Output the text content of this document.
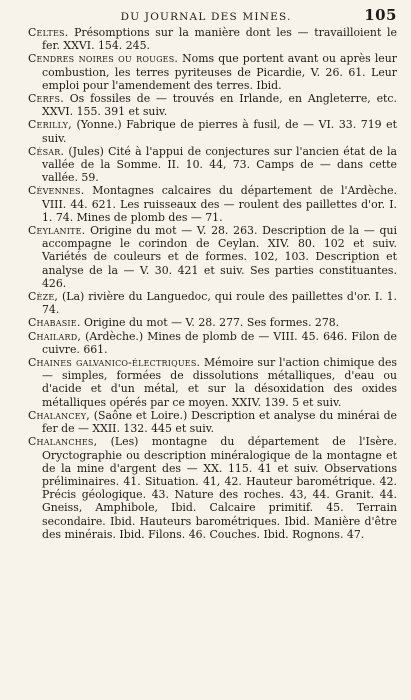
DU JOURNAL DES MINES.	105

Celtes. Présomptions sur la manière dont les — travailloient le fer. XXVI. 154. 245.

Cendres noires ou rouges. Noms que portent avant ou après leur combustion, les terres pyriteuses de Picardie, V. 26. 61. Leur emploi pour l'amendement des terres. Ibid.

Cerfs. Os fossiles de — trouvés en Irlande, en Angleterre, etc. XXVI. 155. 391 et suiv.

Cerilly, (Yonne.) Fabrique de pierres à fusil, de — VI. 33. 719 et suiv.

César. (Jules) Cité à l'appui de conjectures sur l'ancien état de la vallée de la Somme. II. 10. 44, 73. Camps de — dans cette vallée. 59.

Cévennes. Montagnes calcaires du département de l'Ardèche. VIII. 44. 621. Les ruisseaux des — roulent des paillettes d'or. I. 1. 74. Mines de plomb des — 71.

Ceylanite. Origine du mot — V. 28. 263. Description de la — qui accompagne le corindon de Ceylan. XIV. 80. 102 et suiv. Variétés de couleurs et de formes. 102, 103. Description et analyse de la — V. 30. 421 et suiv. Ses parties constituantes. 426.

Cèze, (La) rivière du Languedoc, qui roule des paillettes d'or. I. 1. 74.

Chabasie. Origine du mot — V. 28. 277. Ses formes. 278.

Chailard, (Ardèche.) Mines de plomb de — VIII. 45. 646. Filon de cuivre. 661.

Chaines galvanico-électriques. Mémoire sur l'action chimique des — simples, formées de dissolutions métalliques, d'eau ou d'acide et d'un métal, et sur la désoxidation des oxides métalliques opérés par ce moyen. XXIV. 139. 5 et suiv.

Chalancey, (Saône et Loire.) Description et analyse du minérai de fer de — XXII. 132. 445 et suiv.

Chalanches, (Les) montagne du département de l'Isère. Oryctographie ou description minéralogique de la montagne et de la mine d'argent des — XX. 115. 41 et suiv. Observations préliminaires. 41. Situation. 41, 42. Hauteur barométrique. 42. Précis géologique. 43. Nature des roches. 43, 44. Granit. 44. Gneiss, Amphibole, Ibid. Calcaire primitif. 45. Terrain secondaire. Ibid. Hauteurs barométriques. Ibid. Manière d'être des minérais. Ibid. Filons. 46. Couches. Ibid. Rognons. 47.
